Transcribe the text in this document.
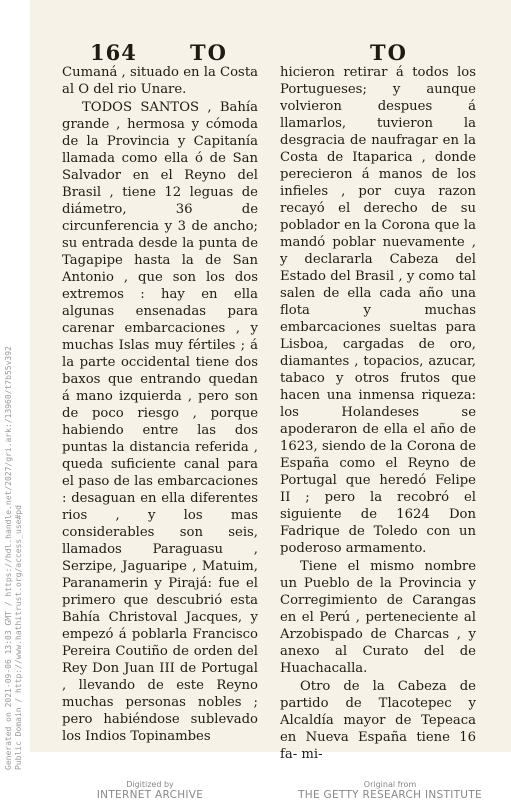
164	TO	TO

Cumaná , situado en la Costa al O del rio Unare.

TODOS SANTOS , Bahía grande , hermosa y cómoda de la Provincia y Capitanía llamada como ella ó de San Salvador en el Reyno del Brasil , tiene 12 leguas de diámetro, 36 de circunferencia y 3 de ancho; su entrada desde la punta de Tagapipe hasta la de San Antonio , que son los dos extremos : hay en ella algunas ensenadas para carenar embarcaciones , y muchas Islas muy fértiles ; á la parte occidental tiene dos baxos que entrando quedan á mano izquierda , pero son de poco riesgo , porque habiendo entre las dos puntas la distancia referida , queda suficiente canal para el paso de las embarcaciones : desaguan en ella diferentes rios , y los mas considerables son seis, llamados Paraguasu , Serzipe, Jaguaripe , Matuim, Paranamerin y Pirajá: fue el primero que descubrió esta Bahía Christoval Jacques, y empezó á poblarla Francisco Pereira Coutiño de orden del Rey Don Juan III de Portugal , llevando de este Reyno muchas personas nobles ; pero habiéndose sublevado los Indios Topinambes

hicieron retirar á todos los Portugueses; y aunque volvieron despues á llamarlos, tuvieron la desgracia de naufragar en la Costa de Itaparica , donde perecieron á manos de los infieles , por cuya razon recayó el derecho de su poblador en la Corona que la mandó poblar nuevamente , y declararla Cabeza del Estado del Brasil , y como tal salen de ella cada año una flota y muchas embarcaciones sueltas para Lisboa, cargadas de oro, diamantes , topacios, azucar, tabaco y otros frutos que hacen una inmensa riqueza: los Holandeses se apoderaron de ella el año de 1623, siendo de la Corona de España como el Reyno de Portugal que heredó Felipe II ; pero la recobró el siguiente de 1624 Don Fadrique de Toledo con un poderoso armamento.

Tiene el mismo nombre un Pueblo de la Provincia y Corregimiento de Carangas en el Perú , perteneciente al Arzobispado de Charcas , y anexo al Curato del de Huachacalla.

Otro de la Cabeza de partido de Tlacotepec y Alcaldía mayor de Tepeaca en Nueva España tiene 16 fa- mi-

Generated on 2021-09-06 13:03 GMT / https://hdl.handle.net/2027/gri.ark:/13960/t7b55v392 Public Domain / http://www.hathitrust.org/access_use#pd
Digitized by
INTERNET ARCHIVE
Original from
THE GETTY RESEARCH INSTITUTE
